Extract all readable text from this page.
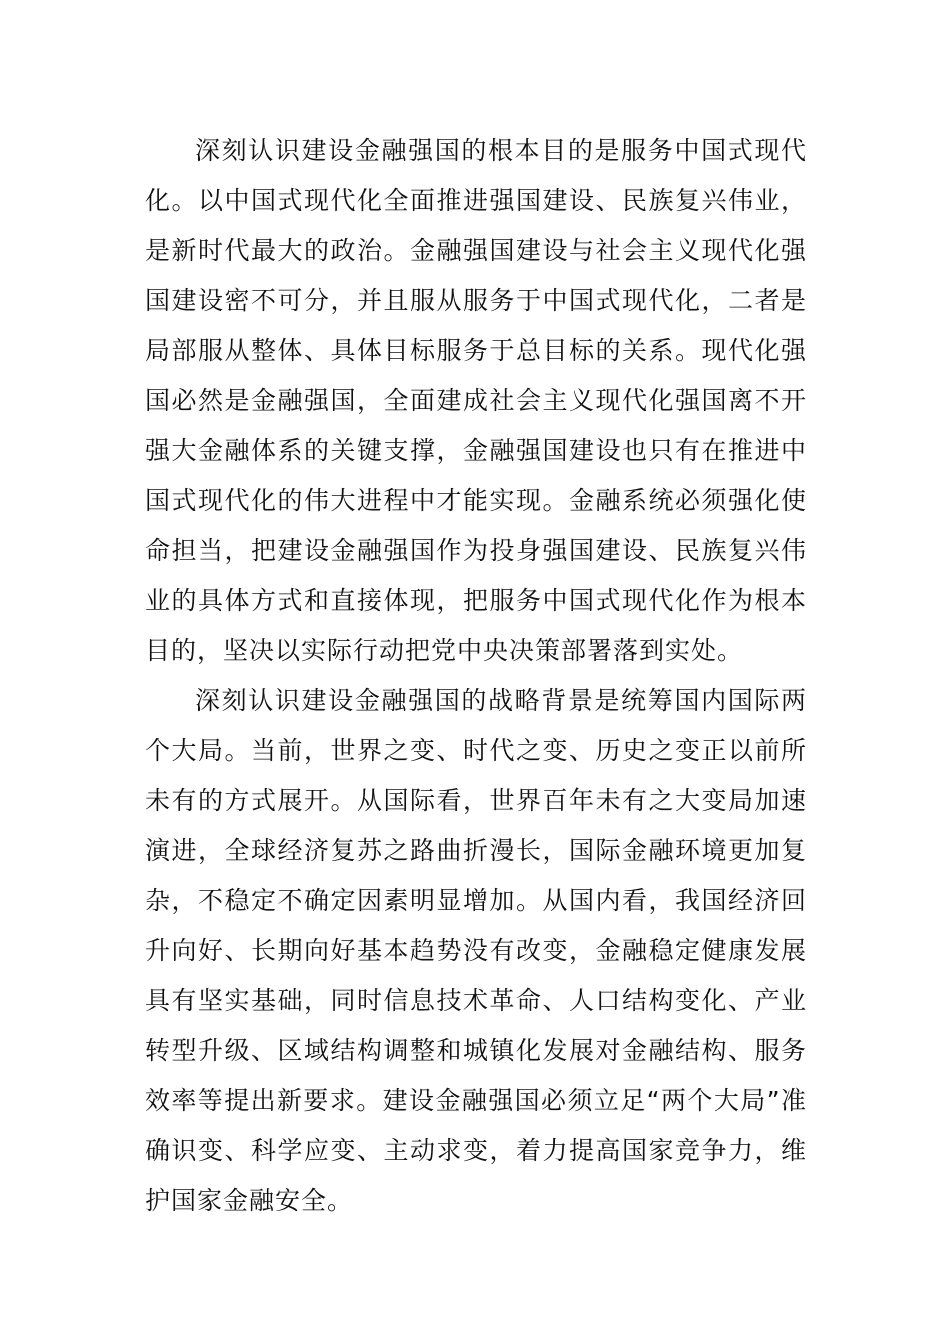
深刻认识建设金融强国的根本目的是服务中国式现代化。以中国式现代化全面推进强国建设、民族复兴伟业，是新时代最大的政治。金融强国建设与社会主义现代化强国建设密不可分，并且服从服务于中国式现代化，二者是局部服从整体、具体目标服务于总目标的关系。现代化强国必然是金融强国，全面建成社会主义现代化强国离不开强大金融体系的关键支撑，金融强国建设也只有在推进中国式现代化的伟大进程中才能实现。金融系统必须强化使命担当，把建设金融强国作为投身强国建设、民族复兴伟业的具体方式和直接体现，把服务中国式现代化作为根本目的，坚决以实际行动把党中央决策部署落到实处。

深刻认识建设金融强国的战略背景是统筹国内国际两个大局。当前，世界之变、时代之变、历史之变正以前所未有的方式展开。从国际看，世界百年未有之大变局加速演进，全球经济复苏之路曲折漫长，国际金融环境更加复杂，不稳定不确定因素明显增加。从国内看，我国经济回升向好、长期向好基本趋势没有改变，金融稳定健康发展具有坚实基础，同时信息技术革命、人口结构变化、产业转型升级、区域结构调整和城镇化发展对金融结构、服务效率等提出新要求。建设金融强国必须立足“两个大局”准确识变、科学应变、主动求变，着力提高国家竞争力，维护国家金融安全。
